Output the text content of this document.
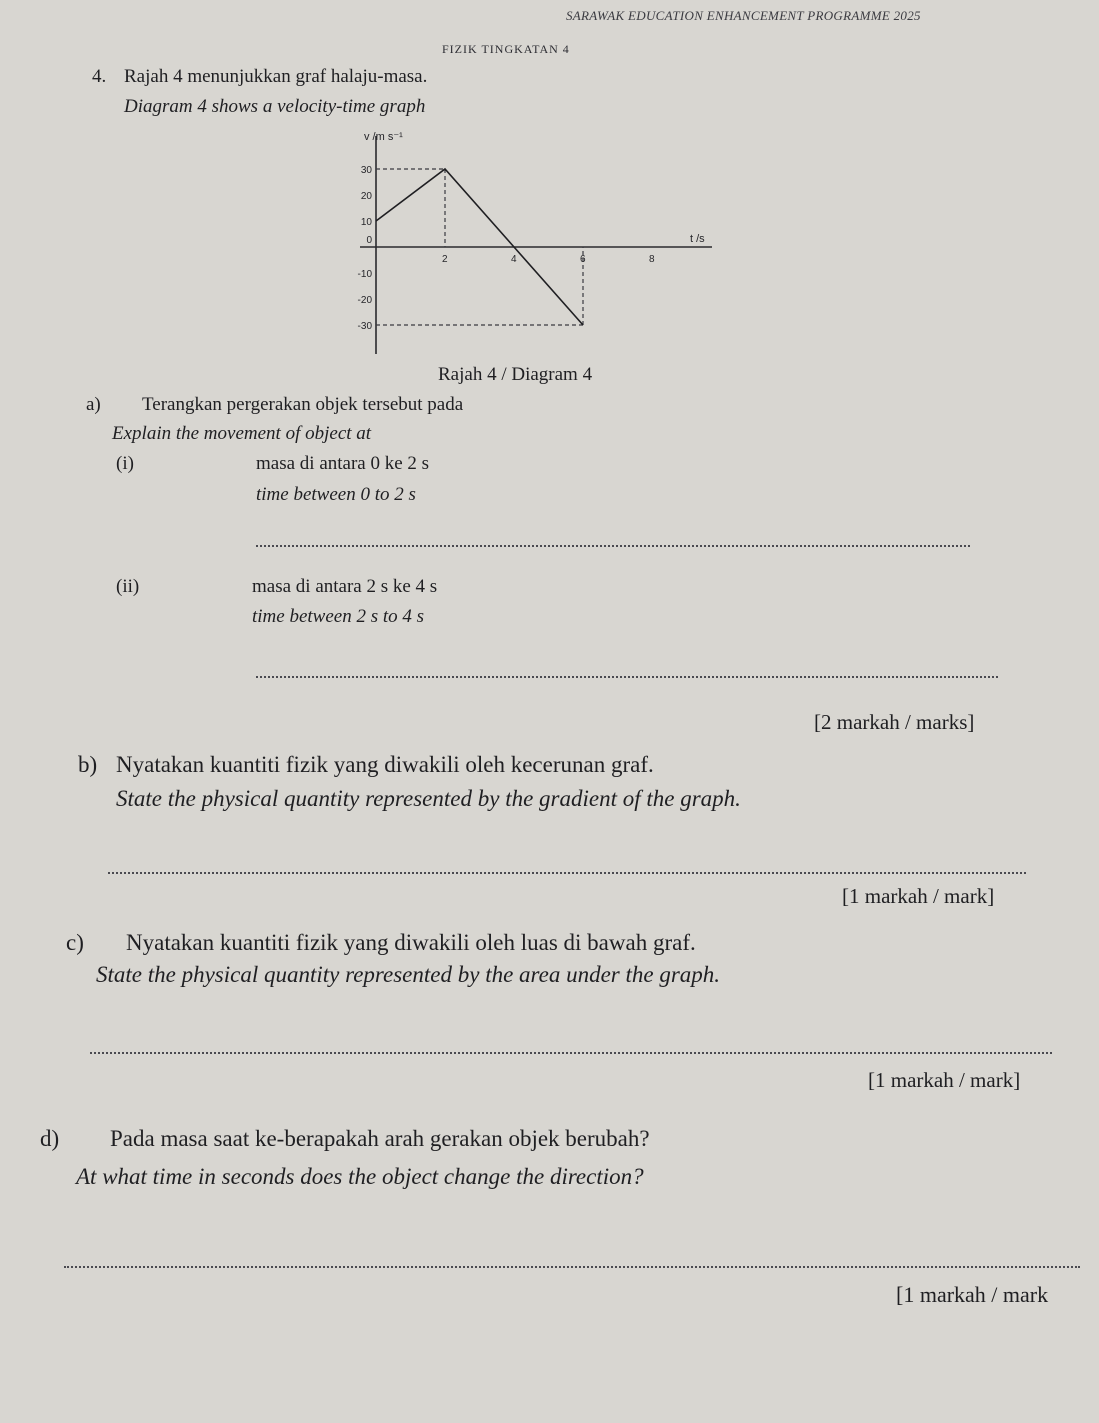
SARAWAK EDUCATION ENHANCEMENT PROGRAMME 2025
FIZIK TINGKATAN 4
4. Rajah 4 menunjukkan graf halaju-masa.
Diagram 4 shows a velocity-time graph
2	4	6	8
30
20
10
0
-10
-20
-30
v /m s⁻¹
t /s
Rajah 4 / Diagram 4
a) Terangkan pergerakan objek tersebut pada
Explain the movement of object at
(i)	masa di antara 0 ke 2 s
time between 0 to 2 s
(ii)	masa di antara 2 s ke 4 s
time between 2 s to 4 s
[2 markah / marks]
b) Nyatakan kuantiti fizik yang diwakili oleh kecerunan graf.
State the physical quantity represented by the gradient of the graph.
[1 markah / mark]
c) Nyatakan kuantiti fizik yang diwakili oleh luas di bawah graf.
State the physical quantity represented by the area under the graph.
[1 markah / mark]
d) Pada masa saat ke-berapakah arah gerakan objek berubah?
At what time in seconds does the object change the direction?
[1 markah / mark
